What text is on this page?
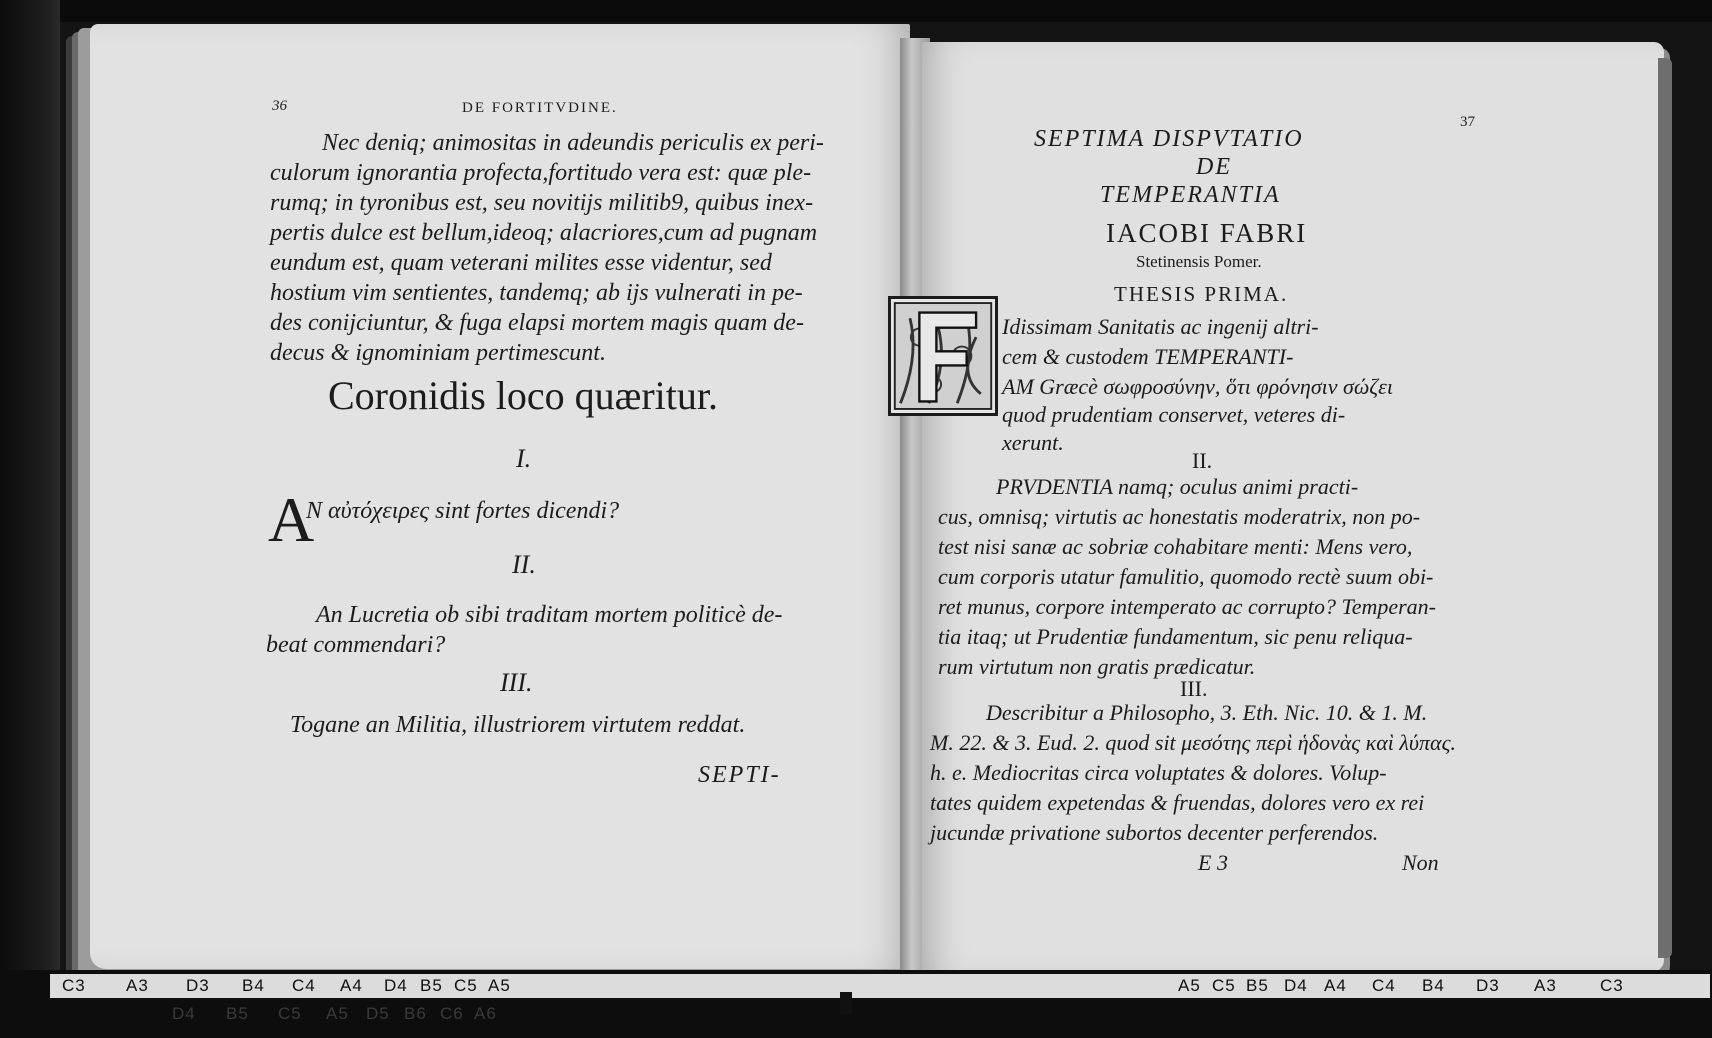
36	DE FORTITVDINE.
Nec deniq; animositas in adeundis periculis ex peri-
culorum ignorantia profecta,fortitudo vera est: quæ ple-
rumq; in tyronibus est, seu novitijs militib9, quibus inex-
pertis dulce est bellum,ideoq; alacriores,cum ad pugnam
eundum est, quam veterani milites esse videntur, sed
hostium vim sentientes, tandemq; ab ijs vulnerati in pe-
des conijciuntur, & fuga elapsi mortem magis quam de-
decus & ignominiam pertimescunt.
Coronidis loco quæritur.
I.
A
N αὐτόχειρες sint fortes dicendi?
II.
An Lucretia ob sibi traditam mortem politicè de-
beat commendari?
III.
Togane an Militia, illustriorem virtutem reddat.
SEPTI-
37
SEPTIMA DISPVTATIO
DE
TEMPERANTIA
IACOBI FABRI
Stetinensis Pomer.
THESIS PRIMA.
Idissimam Sanitatis ac ingenij altri-
cem & custodem TEMPERANTI-
AM Græcè σωφροσύνην, ὅτι φρόνησιν σώζει
quod prudentiam conservet, veteres di-
xerunt.
II.
PRVDENTIA namq; oculus animi practi-
cus, omnisq; virtutis ac honestatis moderatrix, non po-
test nisi sanæ ac sobriæ cohabitare menti: Mens vero,
cum corporis utatur famulitio, quomodo rectè suum obi-
ret munus, corpore intemperato ac corrupto? Temperan-
tia itaq; ut Prudentiæ fundamentum, sic penu reliqua-
rum virtutum non gratis prædicatur.
III.
Describitur a Philosopho, 3. Eth. Nic. 10. & 1. M.
M. 22. & 3. Eud. 2. quod sit μεσότης περὶ ἡδονὰς καὶ λύπας.
h. e. Mediocritas circa voluptates & dolores. Volup-
tates quidem expetendas & fruendas, dolores vero ex rei
jucundæ privatione subortos decenter perferendos.
E 3	Non
C3 A3 D3 B4 C4 A4 D4 B5 C5 A5	A5 C5 B5 D4 A4 C4 B4 D3 A3	C3
D4 B5 C5 A5 D5 B6 C6 A6
